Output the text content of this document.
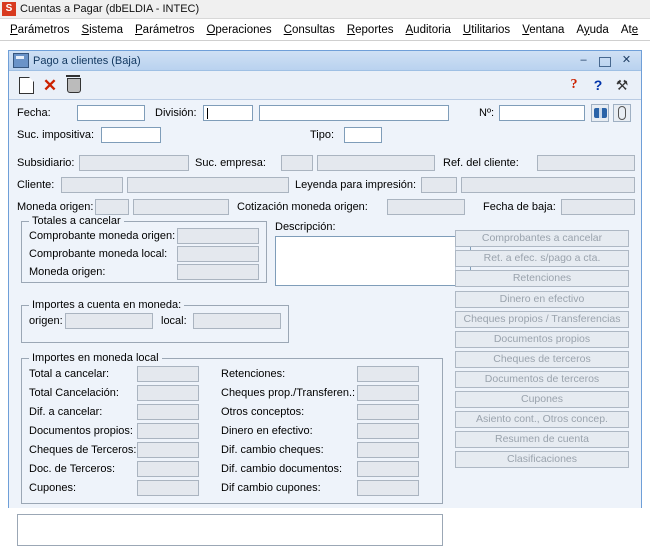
S Cuentas a Pagar (dbELDIA - INTEC)
Parámetros	Sistema	Parámetros	Operaciones	Consultas	Reportes	Auditoria	Utilitarios	Ventana	Ayuda	Ate
Pago a clientes (Baja)	–	✕
✕	? ? ⚒
Fecha:	División:	Nº:
Suc. impositiva:	Tipo:
Subsidiario:	Suc. empresa:	Ref. del cliente:
Cliente:	Leyenda para impresión:
Moneda origen:	Cotización moneda origen:	Fecha de baja:
Totales a cancelar
Comprobante moneda origen:
Comprobante moneda local:
Moneda origen:
Descripción:
Importes a cuenta en moneda:
origen:	local:
Importes en moneda local
Total a cancelar:
Total Cancelación:
Dif. a cancelar:
Documentos propios:
Cheques de Terceros:
Doc. de Terceros:
Cupones:
Retenciones:
Cheques prop./Transferen.:
Otros conceptos:
Dinero en efectivo:
Dif. cambio cheques:
Dif. cambio documentos:
Dif cambio cupones:
Comprobantes a cancelar
Ret. a efec. s/pago a cta.
Retenciones
Dinero en efectivo
Cheques propios / Transferencias
Documentos propios
Cheques de terceros
Documentos de terceros
Cupones
Asiento cont., Otros concep.
Resumen de cuenta
Clasificaciones
